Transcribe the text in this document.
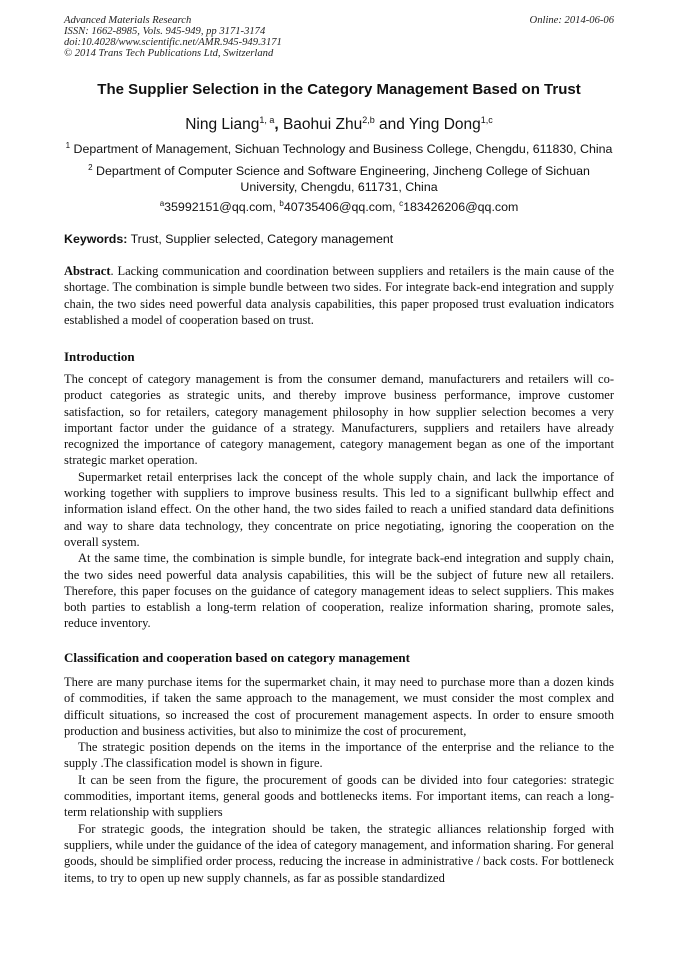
Advanced Materials Research
ISSN: 1662-8985, Vols. 945-949, pp 3171-3174
doi:10.4028/www.scientific.net/AMR.945-949.3171
© 2014 Trans Tech Publications Ltd, Switzerland
Online: 2014-06-06
The Supplier Selection in the Category Management Based on Trust
Ning Liang$^{1, a}$, Baohui Zhu$^{2,b}$ and Ying Dong$^{1,c}$
$^1$ Department of Management, Sichuan Technology and Business College, Chengdu, 611830, China
$^2$ Department of Computer Science and Software Engineering, Jincheng College of Sichuan University, Chengdu, 611731, China
$^a$35992151@qq.com, $^b$40735406@qq.com, $^c$183426206@qq.com
Keywords: Trust, Supplier selected, Category management

Abstract. Lacking communication and coordination between suppliers and retailers is the main cause of the shortage. The combination is simple bundle between two sides. For integrate back-end integration and supply chain, the two sides need powerful data analysis capabilities, this paper proposed trust evaluation indicators established a model of cooperation based on trust.

Introduction

The concept of category management is from the consumer demand, manufacturers and retailers will co-product categories as strategic units, and thereby improve business performance, improve customer satisfaction, so for retailers, category management philosophy in how supplier selection becomes a very important factor under the guidance of a strategy. Manufacturers, suppliers and retailers have already recognized the importance of category management, category management began as one of the important strategic market operation.

Supermarket retail enterprises lack the concept of the whole supply chain, and lack the importance of working together with suppliers to improve business results. This led to a significant bullwhip effect and information island effect. On the other hand, the two sides failed to reach a unified standard data definitions and way to share data technology, they concentrate on price negotiating, ignoring the cooperation on the overall system.

At the same time, the combination is simple bundle, for integrate back-end integration and supply chain, the two sides need powerful data analysis capabilities, this will be the subject of future new all retailers. Therefore, this paper focuses on the guidance of category management ideas to select suppliers. This makes both parties to establish a long-term relation of cooperation, realize information sharing, promote sales, reduce inventory.

Classification and cooperation based on category management

There are many purchase items for the supermarket chain, it may need to purchase more than a dozen kinds of commodities, if taken the same approach to the management, we must consider the most complex and difficult situations, so increased the cost of procurement management aspects. In order to ensure smooth production and business activities, but also to minimize the cost of procurement,

The strategic position depends on the items in the importance of the enterprise and the reliance to the supply .The classification model is shown in figure.

It can be seen from the figure, the procurement of goods can be divided into four categories: strategic commodities, important items, general goods and bottlenecks items. For important items, can reach a long-term relationship with suppliers

For strategic goods, the integration should be taken, the strategic alliances relationship forged with suppliers, while under the guidance of the idea of category management, and information sharing. For general goods, should be simplified order process, reducing the increase in administrative / back costs. For bottleneck items, to try to open up new supply channels, as far as possible standardized
